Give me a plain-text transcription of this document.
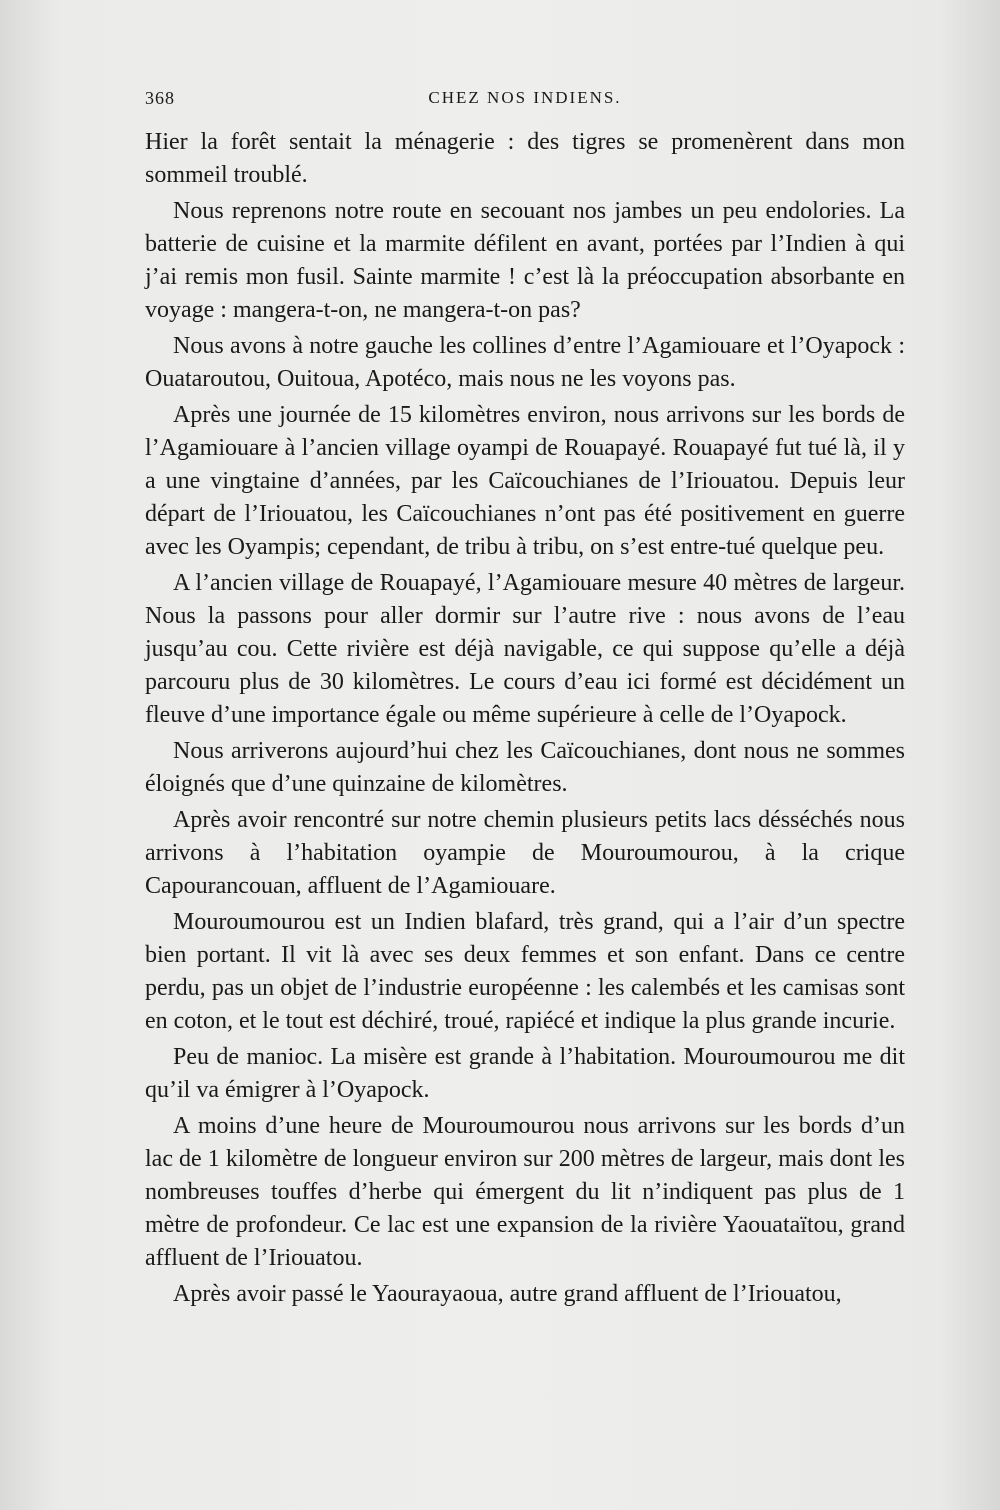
368	CHEZ NOS INDIENS.

Hier la forêt sentait la ménagerie : des tigres se promenèrent dans mon sommeil troublé.

Nous reprenons notre route en secouant nos jambes un peu endolories. La batterie de cuisine et la marmite défilent en avant, portées par l’Indien à qui j’ai remis mon fusil. Sainte marmite ! c’est là la préoccupation absorbante en voyage : mangera-t-on, ne mangera-t-on pas?

Nous avons à notre gauche les collines d’entre l’Agamiouare et l’Oyapock : Ouataroutou, Ouitoua, Apotéco, mais nous ne les voyons pas.

Après une journée de 15 kilomètres environ, nous arrivons sur les bords de l’Agamiouare à l’ancien village oyampi de Rouapayé. Rouapayé fut tué là, il y a une vingtaine d’années, par les Caïcouchianes de l’Iriouatou. Depuis leur départ de l’Iriouatou, les Caïcouchianes n’ont pas été positivement en guerre avec les Oyampis; cependant, de tribu à tribu, on s’est entre-tué quelque peu.

A l’ancien village de Rouapayé, l’Agamiouare mesure 40 mètres de largeur. Nous la passons pour aller dormir sur l’autre rive : nous avons de l’eau jusqu’au cou. Cette rivière est déjà navigable, ce qui suppose qu’elle a déjà parcouru plus de 30 kilomètres. Le cours d’eau ici formé est décidément un fleuve d’une importance égale ou même supérieure à celle de l’Oyapock.

Nous arriverons aujourd’hui chez les Caïcouchianes, dont nous ne sommes éloignés que d’une quinzaine de kilomètres.

Après avoir rencontré sur notre chemin plusieurs petits lacs désséchés nous arrivons à l’habitation oyampie de Mouroumourou, à la crique Capourancouan, affluent de l’Agamiouare.

Mouroumourou est un Indien blafard, très grand, qui a l’air d’un spectre bien portant. Il vit là avec ses deux femmes et son enfant. Dans ce centre perdu, pas un objet de l’industrie européenne : les calembés et les camisas sont en coton, et le tout est déchiré, troué, rapiécé et indique la plus grande incurie.

Peu de manioc. La misère est grande à l’habitation. Mouroumourou me dit qu’il va émigrer à l’Oyapock.

A moins d’une heure de Mouroumourou nous arrivons sur les bords d’un lac de 1 kilomètre de longueur environ sur 200 mètres de largeur, mais dont les nombreuses touffes d’herbe qui émergent du lit n’indiquent pas plus de 1 mètre de profondeur. Ce lac est une expansion de la rivière Yaouataïtou, grand affluent de l’Iriouatou.

Après avoir passé le Yaourayaoua, autre grand affluent de l’Iriouatou,
